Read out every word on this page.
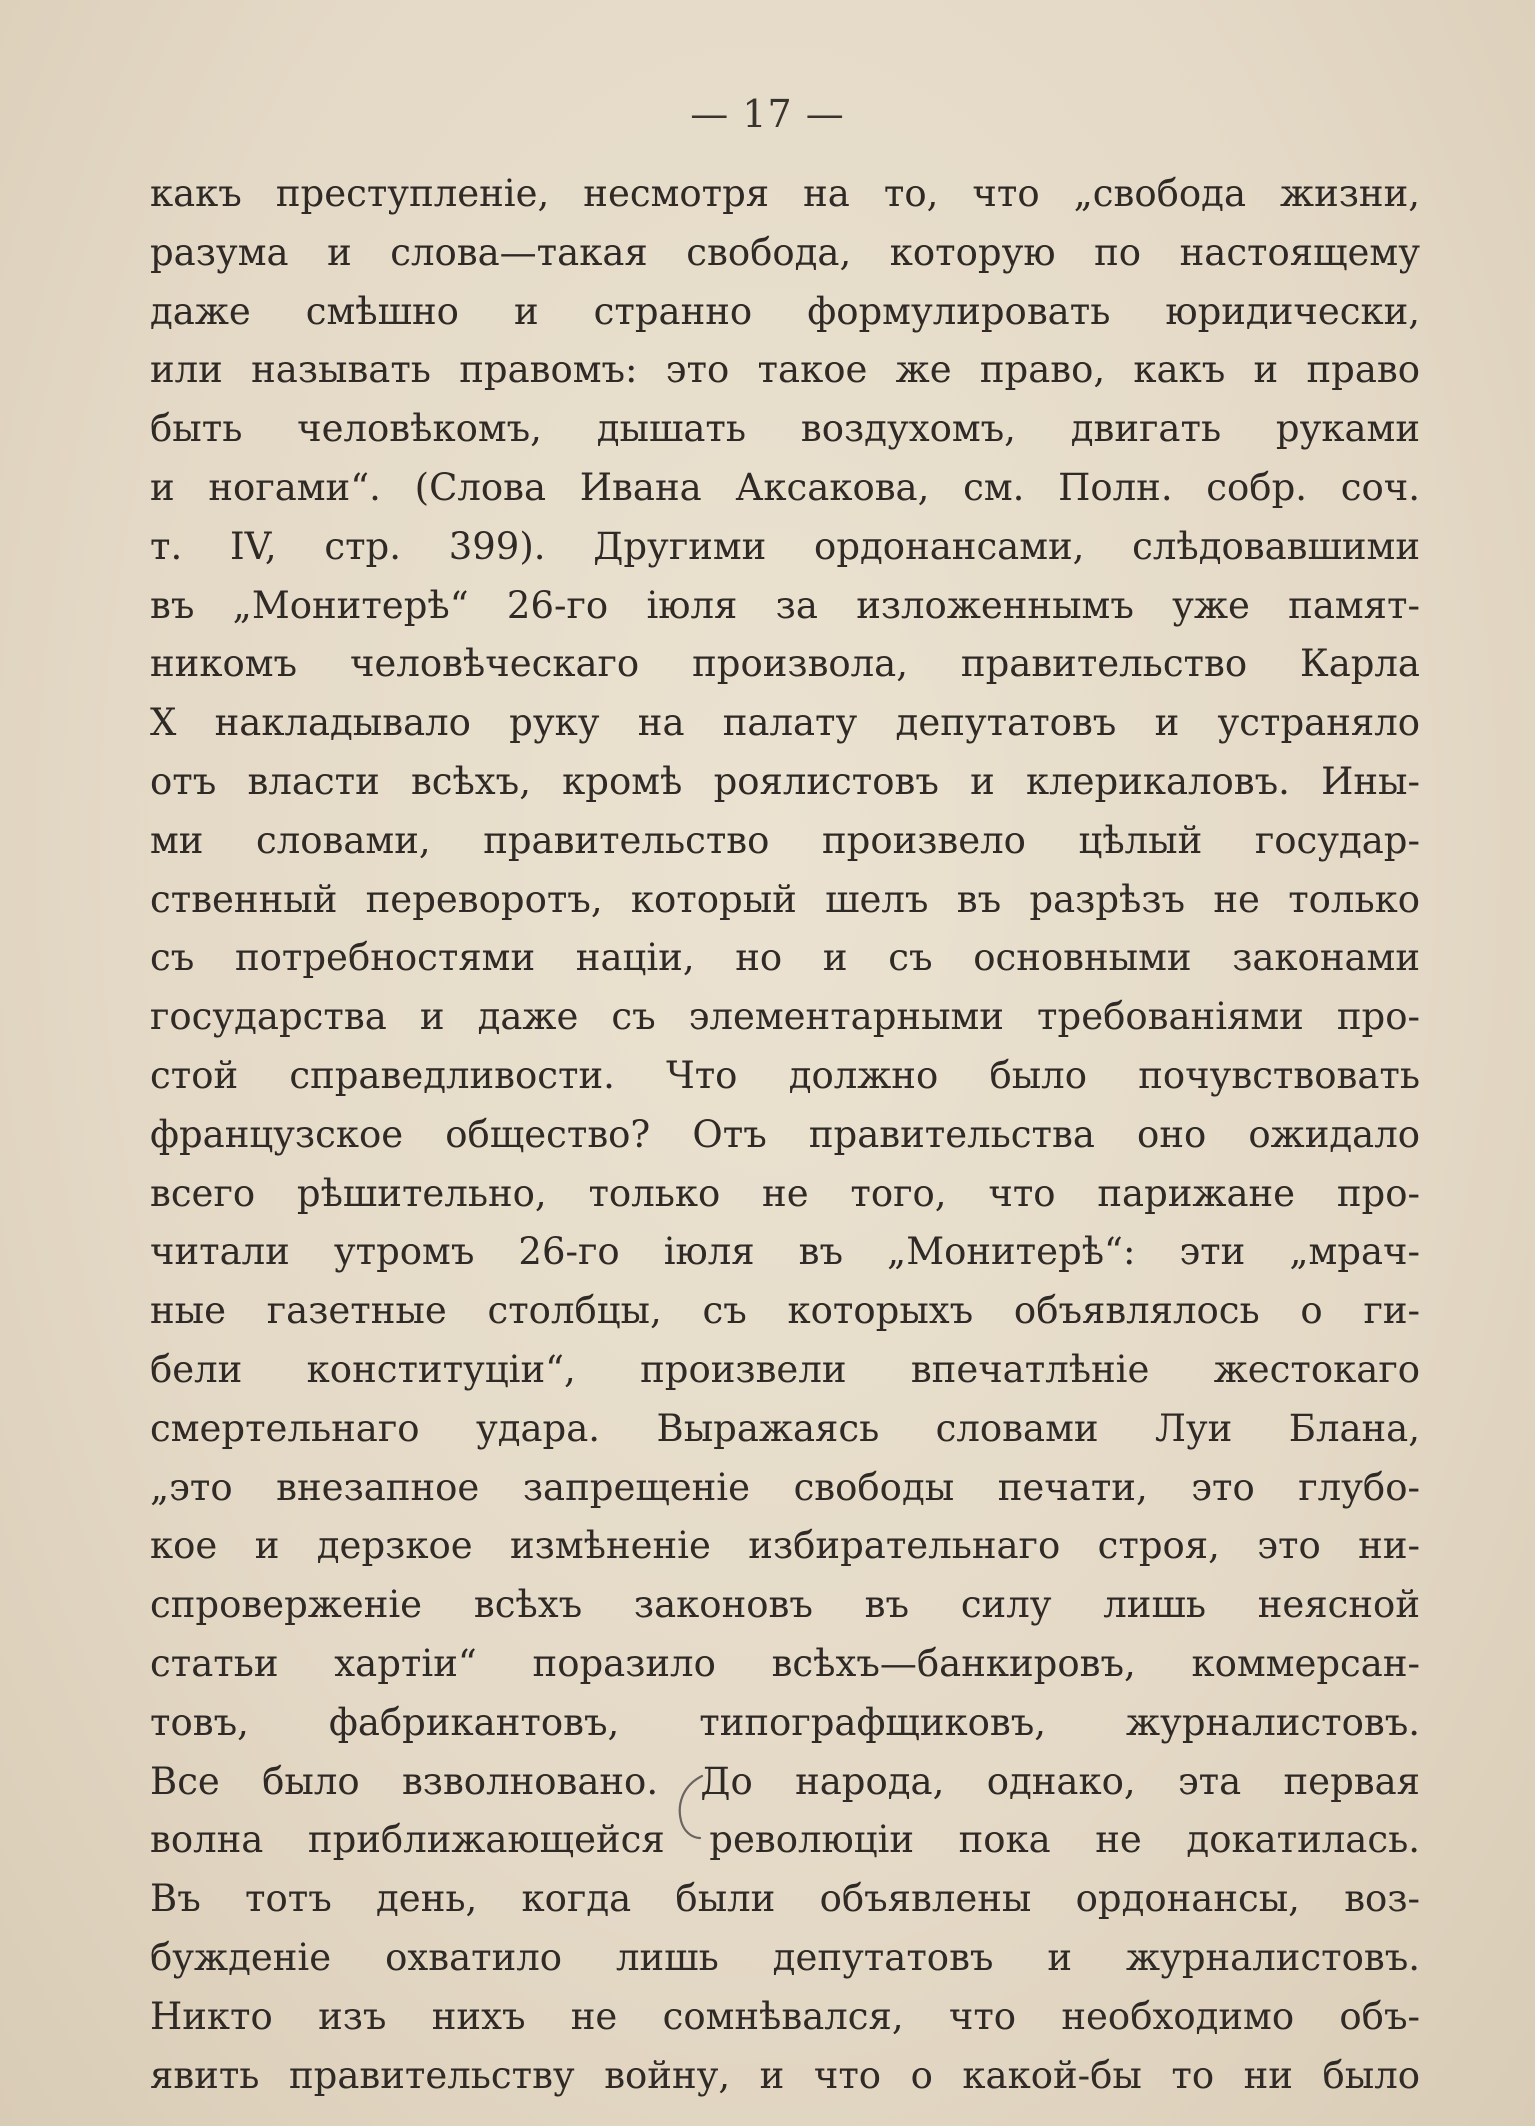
— 17 —
какъ преступленіе, несмотря на то, что „свобода жизни,
разума и слова—такая свобода, которую по настоящему
даже смѣшно и странно формулировать юридически,
или называть правомъ: это такое же право, какъ и право
быть человѣкомъ, дышать воздухомъ, двигать руками
и ногами“. (Слова Ивана Аксакова, см. Полн. собр. соч.
т. IV, стр. 399). Другими ордонансами, слѣдовавшими
въ „Монитерѣ“ 26-го іюля за изложеннымъ уже памят-
никомъ человѣческаго произвола, правительство Карла
X накладывало руку на палату депутатовъ и устраняло
отъ власти всѣхъ, кромѣ роялистовъ и клерикаловъ. Ины-
ми словами, правительство произвело цѣлый государ-
ственный переворотъ, который шелъ въ разрѣзъ не только
съ потребностями націи, но и съ основными законами
государства и даже съ элементарными требованіями про-
стой справедливости. Что должно было почувствовать
французское общество? Отъ правительства оно ожидало
всего рѣшительно, только не того, что парижане про-
читали утромъ 26-го іюля въ „Монитерѣ“: эти „мрач-
ные газетные столбцы, съ которыхъ объявлялось о ги-
бели конституціи“, произвели впечатлѣніе жестокаго
смертельнаго удара. Выражаясь словами Луи Блана,
„это внезапное запрещеніе свободы печати, это глубо-
кое и дерзкое измѣненіе избирательнаго строя, это ни-
спроверженіе всѣхъ законовъ въ силу лишь неясной
статьи хартіи“ поразило всѣхъ—банкировъ, коммерсан-
товъ, фабрикантовъ, типографщиковъ, журналистовъ.
Все было взволновано. До народа, однако, эта первая
волна приближающейся революціи пока не докатилась.
Въ тотъ день, когда были объявлены ордонансы, воз-
бужденіе охватило лишь депутатовъ и журналистовъ.
Никто изъ нихъ не сомнѣвался, что необходимо объ-
явить правительству войну, и что о какой-бы то ни было
